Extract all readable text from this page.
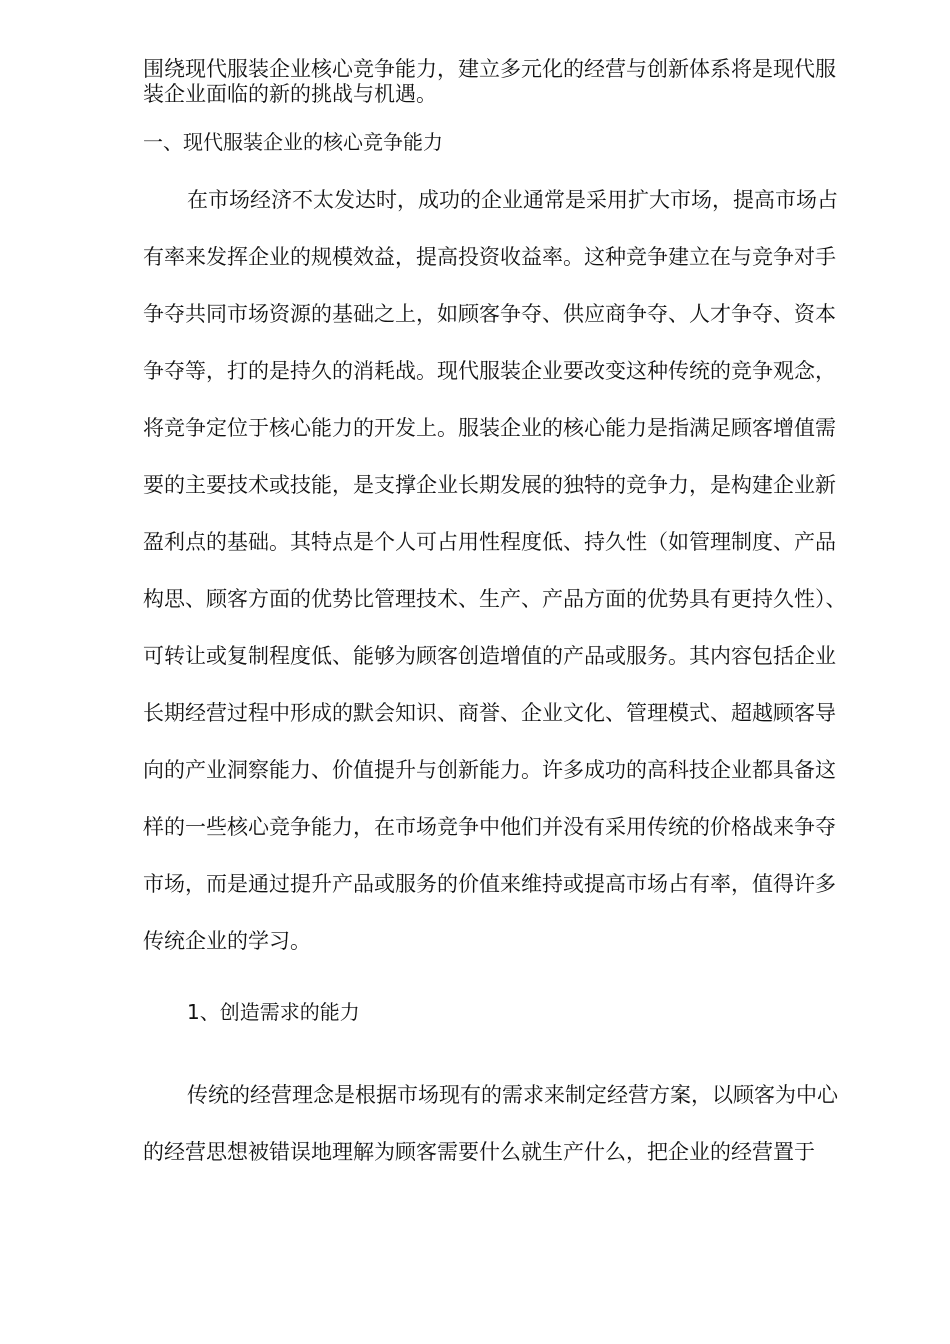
围绕现代服装企业核心竞争能力，建立多元化的经营与创新体系将是现代服
装企业面临的新的挑战与机遇。
一、现代服装企业的核心竞争能力
在市场经济不太发达时，成功的企业通常是采用扩大市场，提高市场占
有率来发挥企业的规模效益，提高投资收益率。这种竞争建立在与竞争对手
争夺共同市场资源的基础之上，如顾客争夺、供应商争夺、人才争夺、资本
争夺等，打的是持久的消耗战。现代服装企业要改变这种传统的竞争观念，
将竞争定位于核心能力的开发上。服装企业的核心能力是指满足顾客增值需
要的主要技术或技能，是支撑企业长期发展的独特的竞争力，是构建企业新
盈利点的基础。其特点是个人可占用性程度低、持久性（如管理制度、产品
构思、顾客方面的优势比管理技术、生产、产品方面的优势具有更持久性）、
可转让或复制程度低、能够为顾客创造增值的产品或服务。其内容包括企业
长期经营过程中形成的默会知识、商誉、企业文化、管理模式、超越顾客导
向的产业洞察能力、价值提升与创新能力。许多成功的高科技企业都具备这
样的一些核心竞争能力，在市场竞争中他们并没有采用传统的价格战来争夺
市场，而是通过提升产品或服务的价值来维持或提高市场占有率，值得许多
传统企业的学习。
1、创造需求的能力
传统的经营理念是根据市场现有的需求来制定经营方案，以顾客为中心
的经营思想被错误地理解为顾客需要什么就生产什么，把企业的经营置于
